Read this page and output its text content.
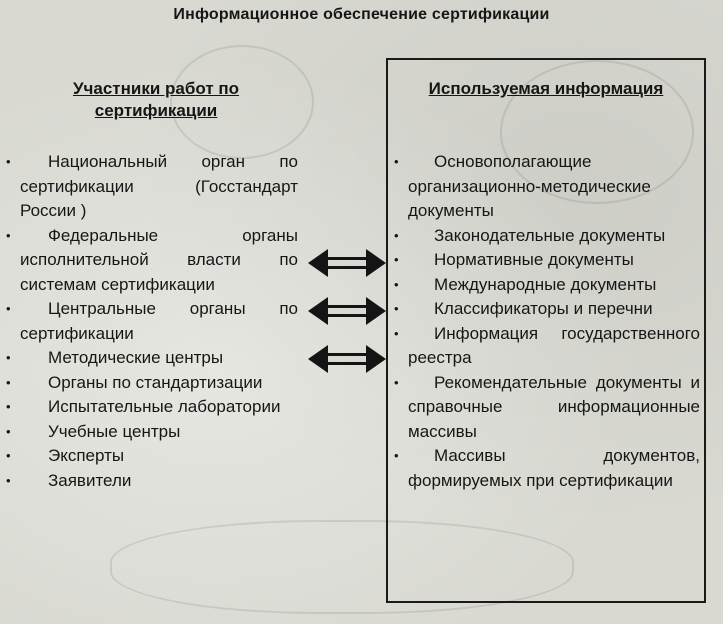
Информационное обеспечение сертификации
Участники работ по сертификации
Используемая информация
•	Национальный орган по сертификации (Госстандарт России )
•	Федеральные органы исполнительной власти по системам сертификации
•	Центральные органы по сертификации
•	Методические центры
•	Органы по стандартизации
•	Испытательные лаборатории
•	Учебные центры
•	Эксперты
•	Заявители
•	Основополагающие организационно-методические документы
•	Законодательные документы
•	Нормативные документы
•	Международные документы
•	Классификаторы и перечни
•	Информация государственного реестра
•	Рекомендательные документы и справочные информационные массивы
•	Массивы документов, формируемых при сертификации
